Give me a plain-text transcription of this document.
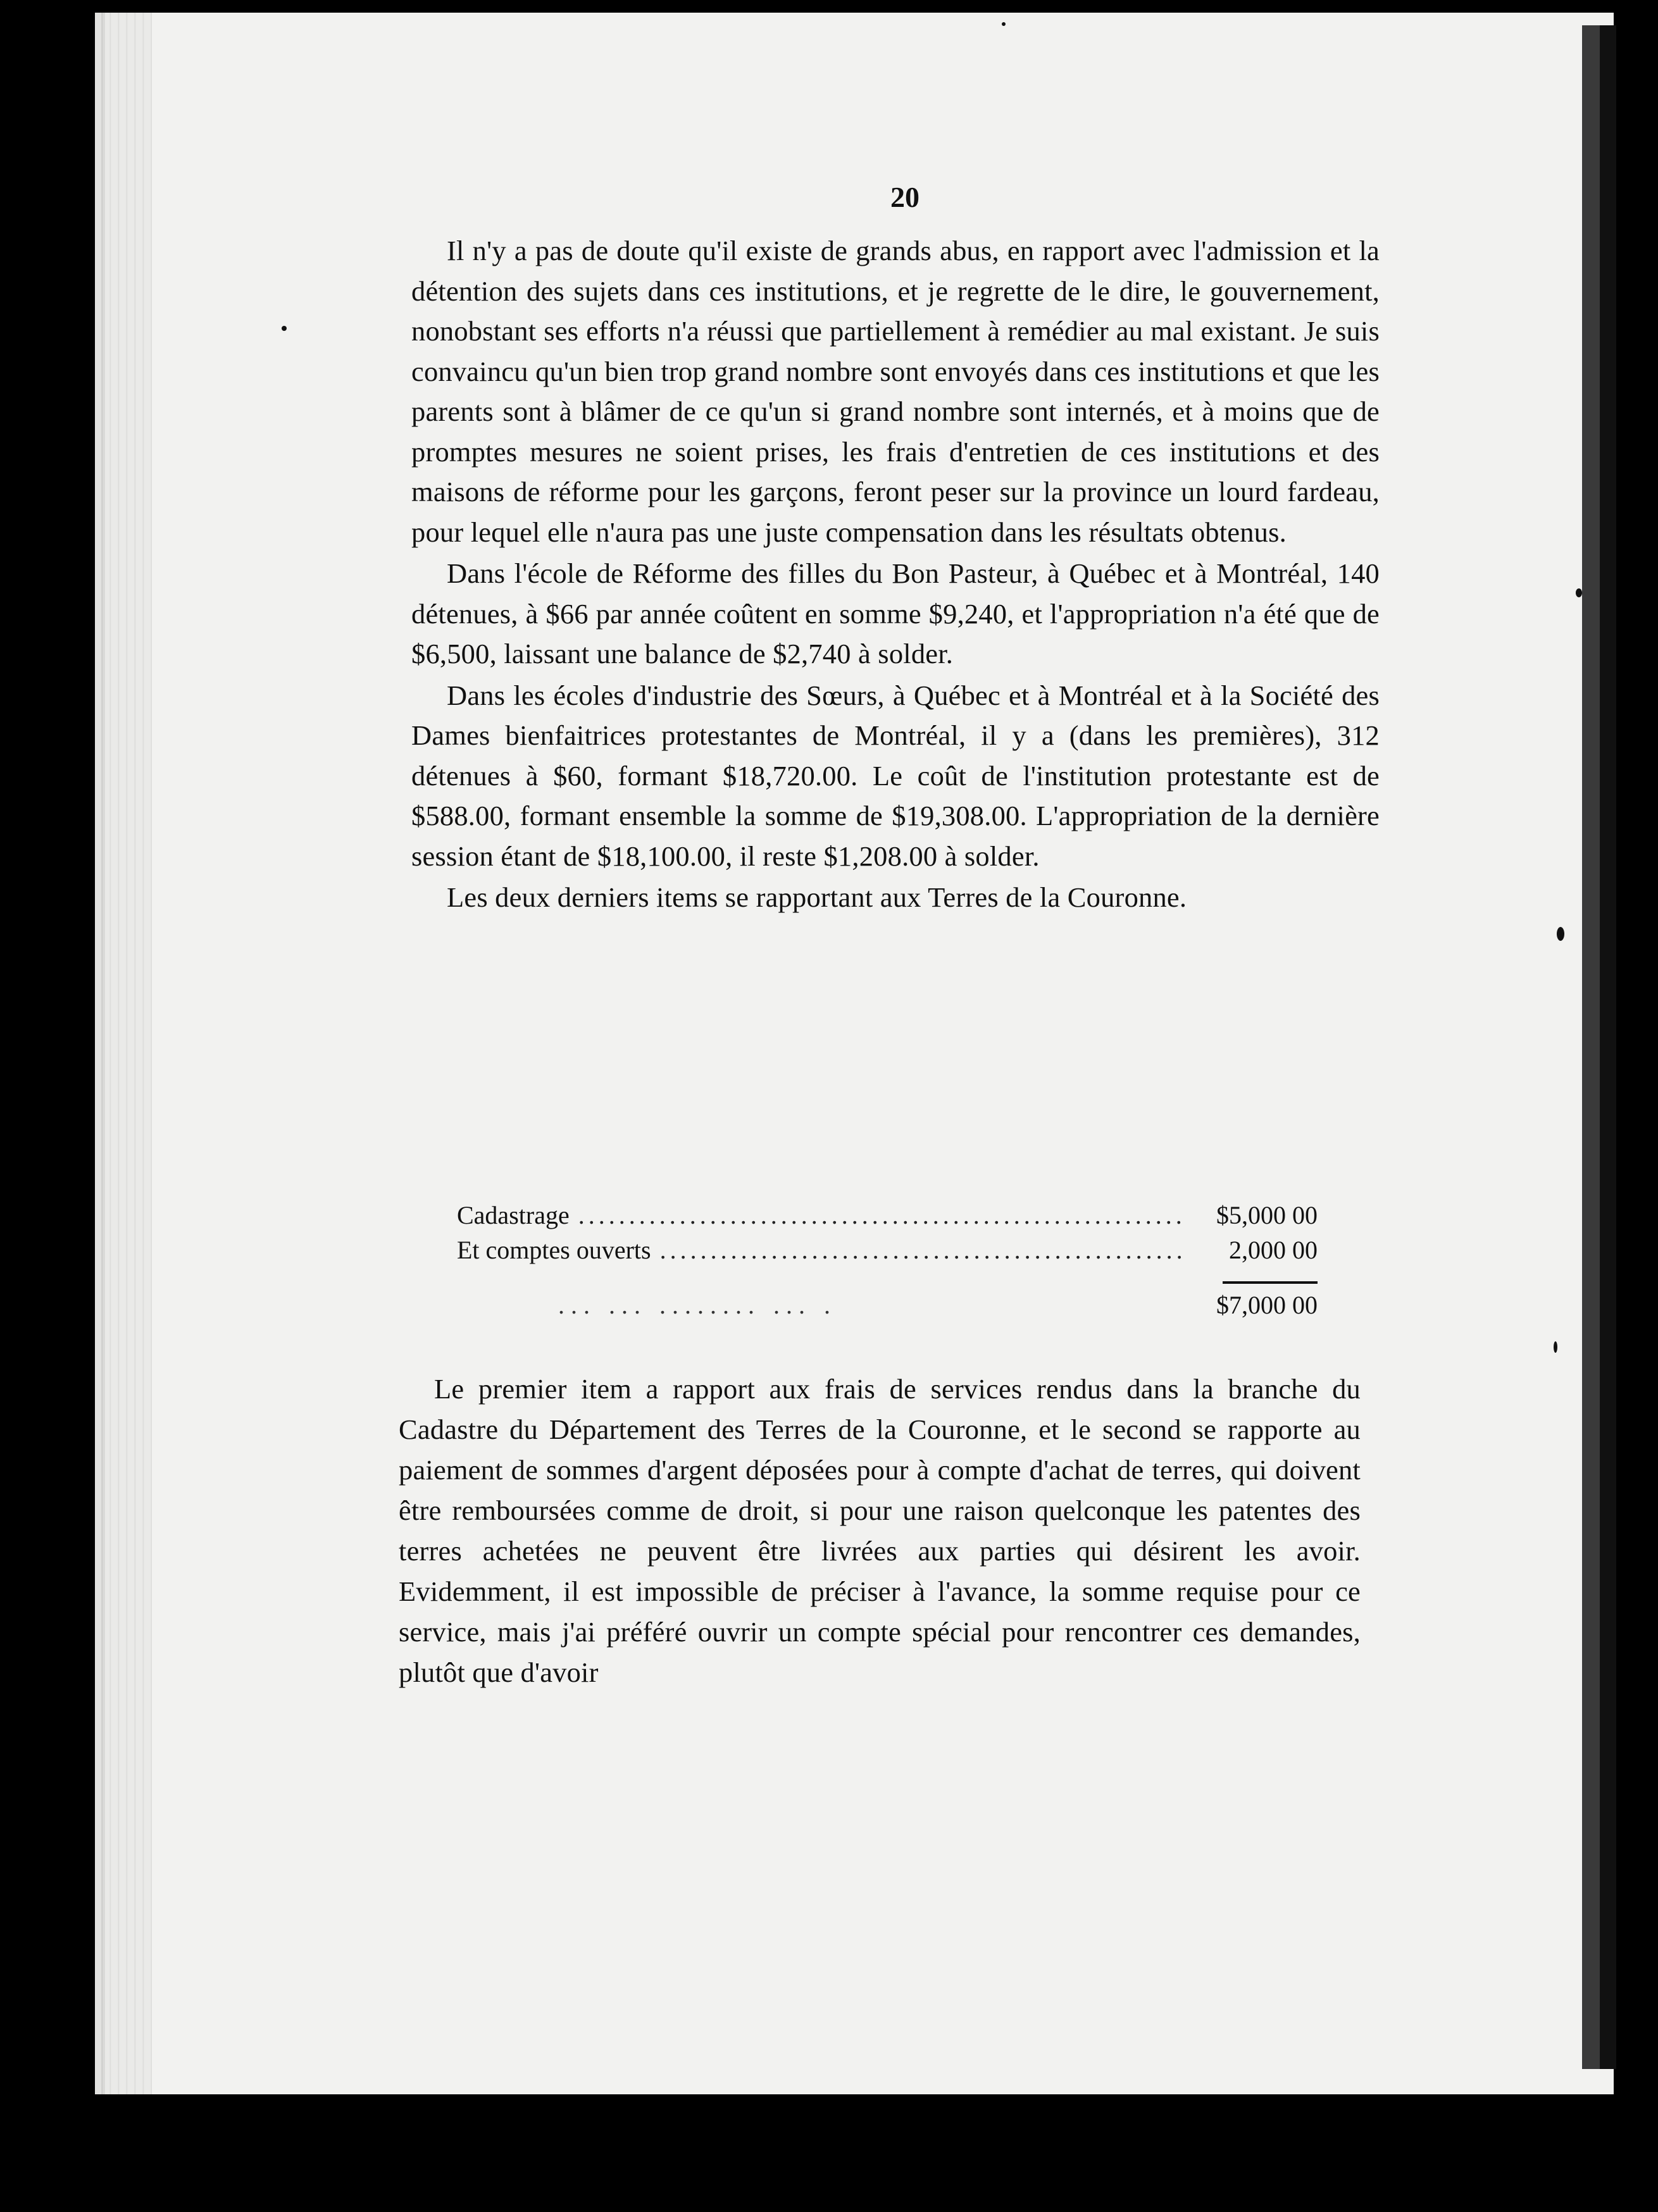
20

Il n'y a pas de doute qu'il existe de grands abus, en rapport avec l'admission et la détention des sujets dans ces institutions, et je regrette de le dire, le gouvernement, nonobstant ses efforts n'a réussi que partiellement à remédier au mal existant. Je suis convaincu qu'un bien trop grand nombre sont envoyés dans ces institutions et que les parents sont à blâmer de ce qu'un si grand nombre sont internés, et à moins que de promptes mesures ne soient prises, les frais d'entretien de ces institutions et des maisons de réforme pour les garçons, feront peser sur la province un lourd fardeau, pour lequel elle n'aura pas une juste compensation dans les résultats obtenus.

Dans l'école de Réforme des filles du Bon Pasteur, à Québec et à Montréal, 140 détenues, à $66 par année coûtent en somme $9,240, et l'appropriation n'a été que de $6,500, laissant une balance de $2,740 à solder.

Dans les écoles d'industrie des Sœurs, à Québec et à Montréal et à la Société des Dames bienfaitrices protestantes de Montréal, il y a (dans les premières), 312 détenues à $60, formant $18,720.00. Le coût de l'institution protestante est de $588.00, formant ensemble la somme de $19,308.00. L'appropriation de la dernière session étant de $18,100.00, il reste $1,208.00 à solder.

Les deux derniers items se rapportant aux Terres de la Couronne.

Cadastrage .....	$5,000 00
Et comptes ouverts .....	2,000 00
... .
$7,000 00

Le premier item a rapport aux frais de services rendus dans la branche du Cadastre du Département des Terres de la Couronne, et le second se rapporte au paiement de sommes d'argent déposées pour à compte d'achat de terres, qui doivent être remboursées comme de droit, si pour une raison quelconque les patentes des terres achetées ne peuvent être livrées aux parties qui désirent les avoir. Evidemment, il est impossible de préciser à l'avance, la somme requise pour ce service, mais j'ai préféré ouvrir un compte spécial pour rencontrer ces demandes, plutôt que d'avoir
